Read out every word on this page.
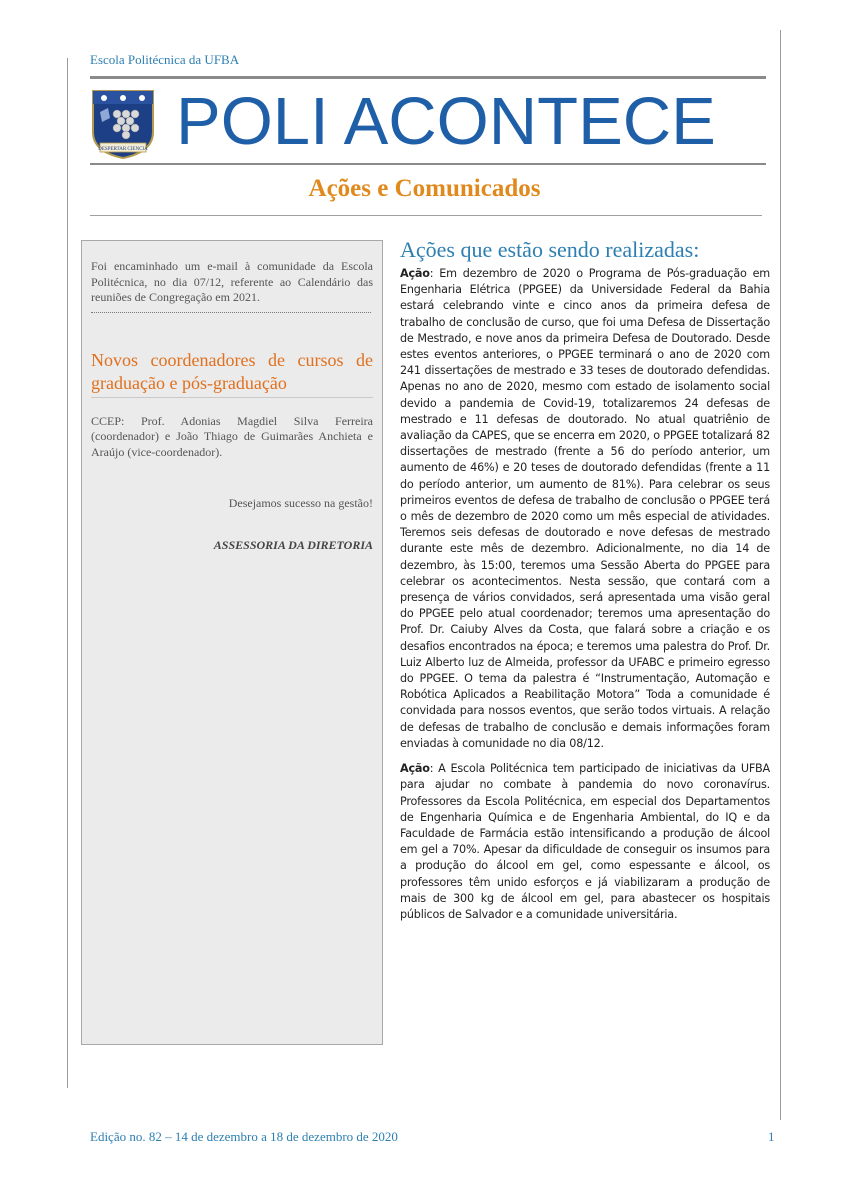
Escola Politécnica da UFBA
DESPERTAR CIENCIA POLI ACONTECE
Ações e Comunicados

Foi encaminhado um e-mail à comunidade da Escola Politécnica, no dia 07/12, referente ao Calendário das reuniões de Congregação em 2021.

Novos coordenadores de cursos de graduação e pós-graduação

CCEP: Prof. Adonias Magdiel Silva Ferreira (coordenador) e João Thiago de Guimarães Anchieta e Araújo (vice-coordenador).

Desejamos sucesso na gestão!

ASSESSORIA DA DIRETORIA

Ações que estão sendo realizadas:

Ação: Em dezembro de 2020 o Programa de Pós-graduação em Engenharia Elétrica (PPGEE) da Universidade Federal da Bahia estará celebrando vinte e cinco anos da primeira defesa de trabalho de conclusão de curso, que foi uma Defesa de Dissertação de Mestrado, e nove anos da primeira Defesa de Doutorado. Desde estes eventos anteriores, o PPGEE terminará o ano de 2020 com 241 dissertações de mestrado e 33 teses de doutorado defendidas. Apenas no ano de 2020, mesmo com estado de isolamento social devido a pandemia de Covid-19, totalizaremos 24 defesas de mestrado e 11 defesas de doutorado. No atual quatriênio de avaliação da CAPES, que se encerra em 2020, o PPGEE totalizará 82 dissertações de mestrado (frente a 56 do período anterior, um aumento de 46%) e 20 teses de doutorado defendidas (frente a 11 do período anterior, um aumento de 81%). Para celebrar os seus primeiros eventos de defesa de trabalho de conclusão o PPGEE terá o mês de dezembro de 2020 como um mês especial de atividades. Teremos seis defesas de doutorado e nove defesas de mestrado durante este mês de dezembro. Adicionalmente, no dia 14 de dezembro, às 15:00, teremos uma Sessão Aberta do PPGEE para celebrar os acontecimentos. Nesta sessão, que contará com a presença de vários convidados, será apresentada uma visão geral do PPGEE pelo atual coordenador; teremos uma apresentação do Prof. Dr. Caiuby Alves da Costa, que falará sobre a criação e os desafios encontrados na época; e teremos uma palestra do Prof. Dr. Luiz Alberto luz de Almeida, professor da UFABC e primeiro egresso do PPGEE. O tema da palestra é “Instrumentação, Automação e Robótica Aplicados a Reabilitação Motora” Toda a comunidade é convidada para nossos eventos, que serão todos virtuais. A relação de defesas de trabalho de conclusão e demais informações foram enviadas à comunidade no dia 08/12.

Ação: A Escola Politécnica tem participado de iniciativas da UFBA para ajudar no combate à pandemia do novo coronavírus. Professores da Escola Politécnica, em especial dos Departamentos de Engenharia Química e de Engenharia Ambiental, do IQ e da Faculdade de Farmácia estão intensificando a produção de álcool em gel a 70%. Apesar da dificuldade de conseguir os insumos para a produção do álcool em gel, como espessante e álcool, os professores têm unido esforços e já viabilizaram a produção de mais de 300 kg de álcool em gel, para abastecer os hospitais públicos de Salvador e a comunidade universitária.

Edição no. 82 – 14 de dezembro a 18 de dezembro de 2020	1
